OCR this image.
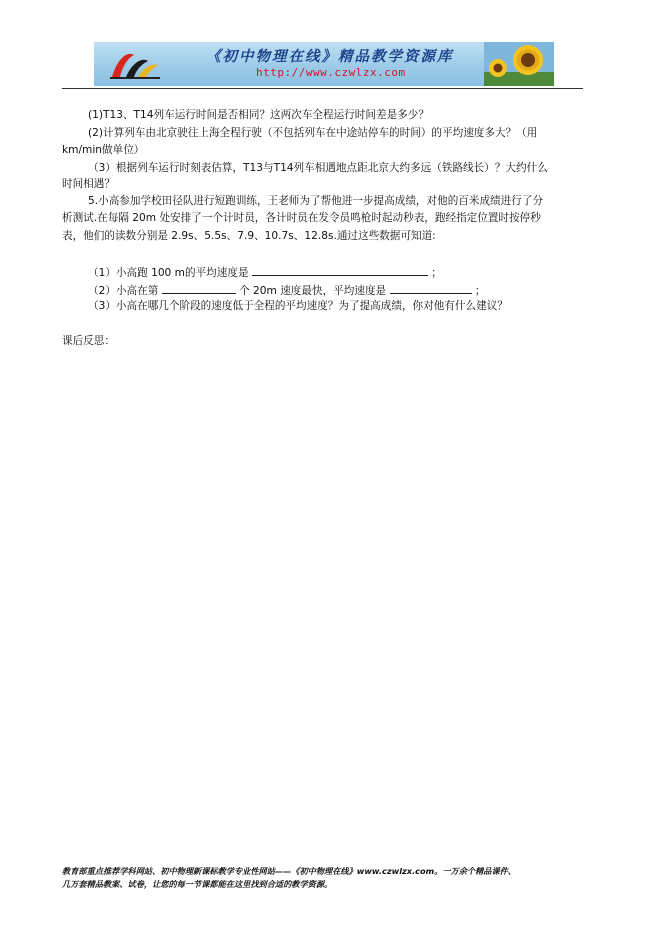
《初中物理在线》精品教学资源库
http://www.czwlzx.com
(1)T13、T14列车运行时间是否相同？这两次车全程运行时间差是多少？
(2)计算列车由北京驶往上海全程行驶（不包括列车在中途站停车的时间）的平均速度多大？（用
km/min做单位）
（3）根据列车运行时刻表估算，T13与T14列车相遇地点距北京大约多远（铁路线长）？大约什么
时间相遇？
5.小高参加学校田径队进行短跑训练，王老师为了帮他进一步提高成绩，对他的百米成绩进行了分
析测试.在每隔 20m 处安排了一个计时员，各计时员在发令员鸣枪时起动秒表，跑经指定位置时按停秒
表，他们的读数分别是 2.9s、5.5s、7.9、10.7s、12.8s.通过这些数据可知道:
（1）小高跑 100 m的平均速度是	；
（2）小高在第	个 20m 速度最快，平均速度是	；
（3）小高在哪几个阶段的速度低于全程的平均速度？为了提高成绩，你对他有什么建议？
课后反思：
教育部重点推荐学科网站、初中物理新课标教学专业性网站——《初中物理在线》www.czwlzx.com。一万余个精品课件、
几万套精品教案、试卷，让您的每一节课都能在这里找到合适的教学资源。
